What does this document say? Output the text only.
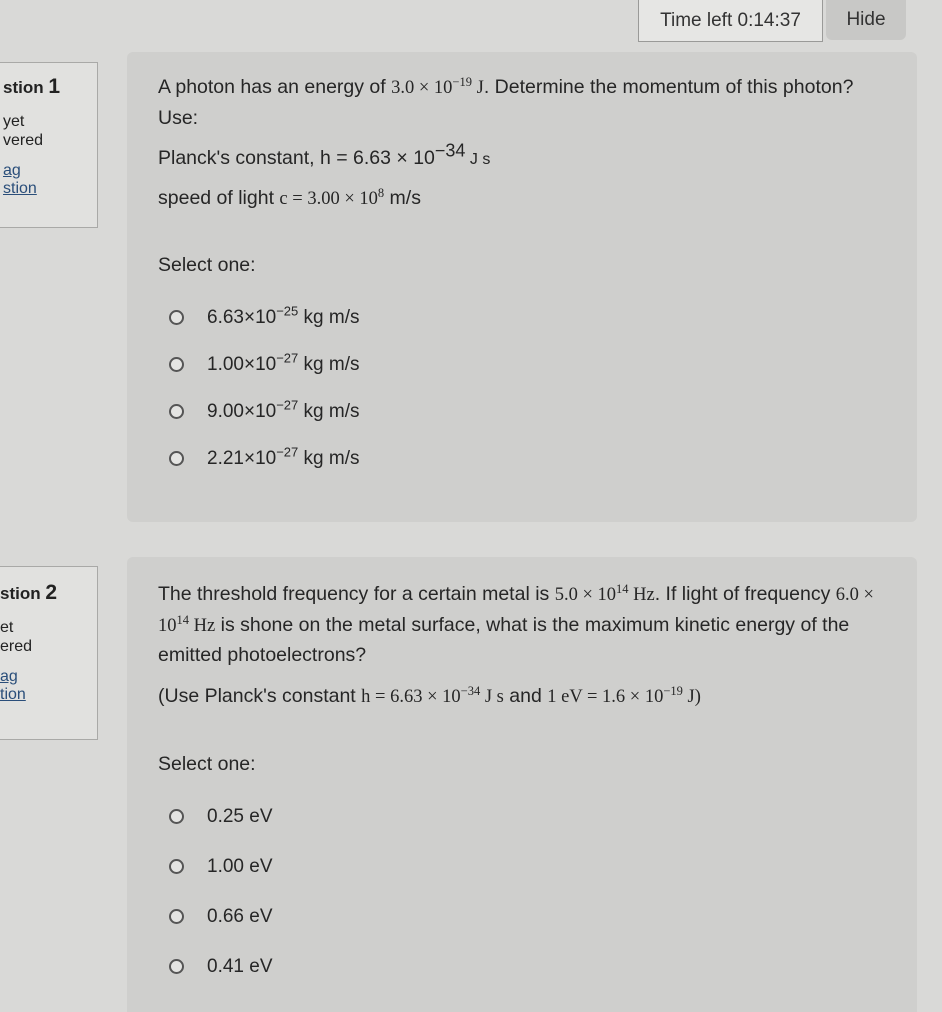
Time left
0:14:37	Hide
stion 1
yet
vered
ag
stion
A photon has an energy of $3.0 \times 10^{-19}$ J. Determine the momentum of this photon?
Use:
Planck's constant, h = 6.63 × 10−34 J s
speed of light $c = 3.00 \times 10^8$ m/s
Select one:
$6.63\times 10^{-25}$ kg m/s
$1.00\times 10^{-27}$ kg m/s
$9.00\times 10^{-27}$ kg m/s
$2.21\times 10^{-27}$ kg m/s
stion 2
et
ered
ag
tion
The threshold frequency for a certain metal is $5.0 \times 10^{14}$ Hz. If light of frequency $6.0 \times 10^{14}$ Hz is shone on the metal surface, what is the maximum kinetic energy of the emitted photoelectrons?
(Use Planck's constant $h = 6.63 \times 10^{-34}$ J s and 1 eV = $1.6 \times 10^{-19}$ J)
Select one:
0.25 eV
1.00 eV
0.66 eV
0.41 eV
